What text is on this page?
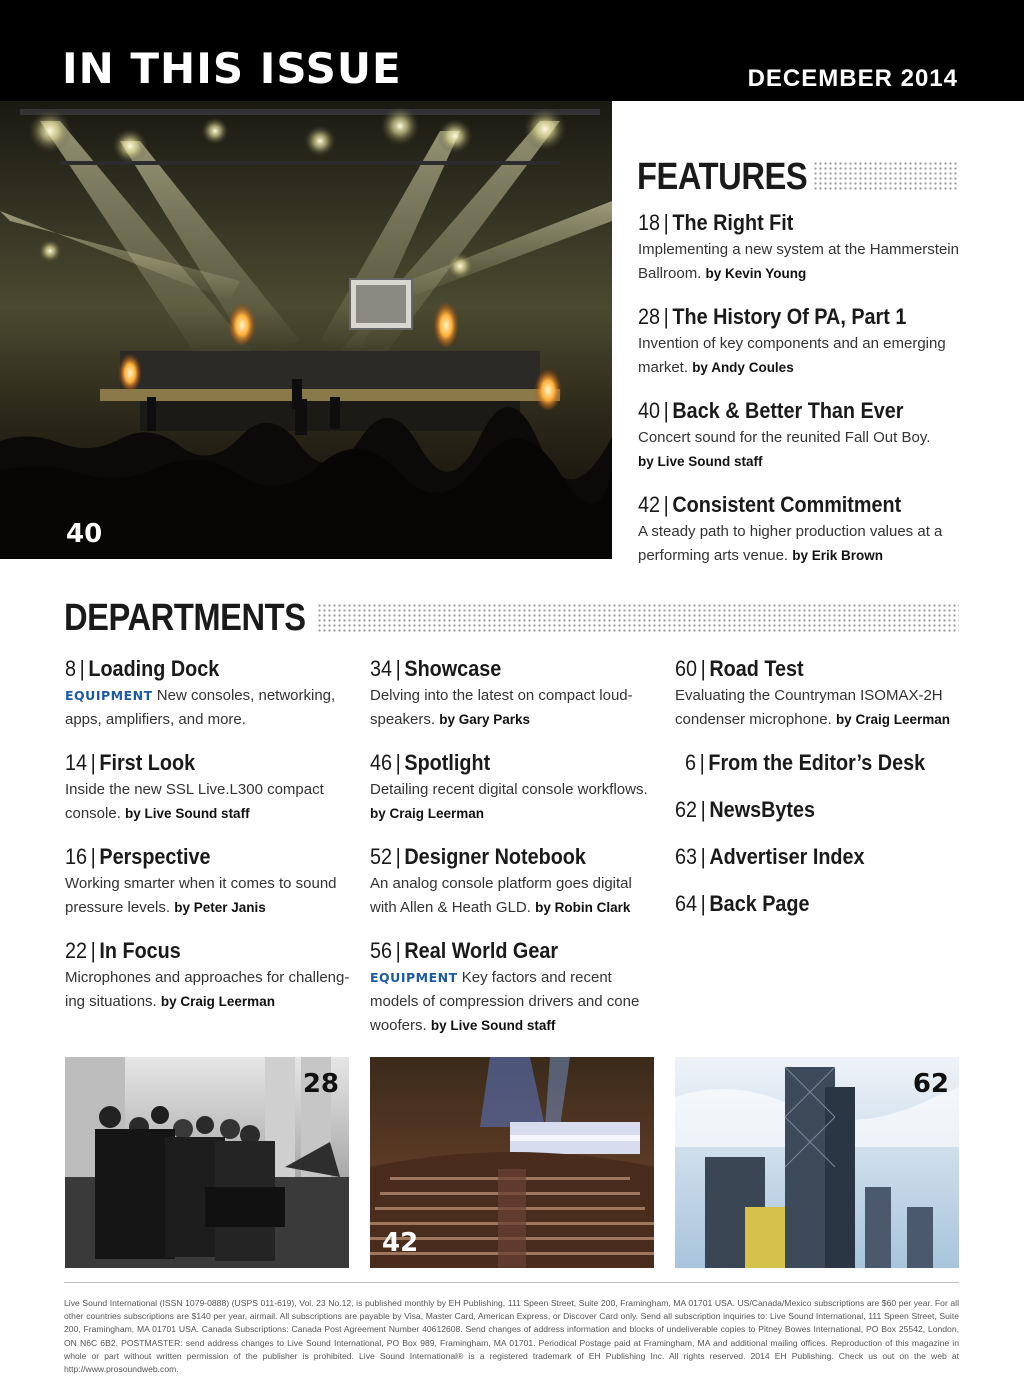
IN THIS ISSUE	DECEMBER 2014
40
FEATURES
18 | The Right Fit
Implementing a new system at the Hammerstein Ballroom. by Kevin Young
28 | The History Of PA, Part 1
Invention of key components and an emerging market. by Andy Coules
40 | Back & Better Than Ever
Concert sound for the reunited Fall Out Boy. by Live Sound staff
42 | Consistent Commitment
A steady path to higher production values at a performing arts venue. by Erik Brown
DEPARTMENTS
8 | Loading Dock
EQUIPMENT New consoles, networking, apps, amplifiers, and more.
14 | First Look
Inside the new SSL Live.L300 compact console. by Live Sound staff
16 | Perspective
Working smarter when it comes to sound pressure levels. by Peter Janis
22 | In Focus
Microphones and approaches for challeng-ing situations. by Craig Leerman
34 | Showcase
Delving into the latest on compact loud-speakers. by Gary Parks
46 | Spotlight
Detailing recent digital console workflows. by Craig Leerman
52 | Designer Notebook
An analog console platform goes digital with Allen & Heath GLD. by Robin Clark
56 | Real World Gear
EQUIPMENT Key factors and recent models of compression drivers and cone woofers. by Live Sound staff
60 | Road Test
Evaluating the Countryman ISOMAX-2H condenser microphone. by Craig Leerman
6 | From the Editor’s Desk
62 | NewsBytes
63 | Advertiser Index
64 | Back Page
28
42
62
Live Sound International (ISSN 1079-0888) (USPS 011-619), Vol. 23 No.12, is published monthly by EH Publishing, 111 Speen Street, Suite 200, Framingham, MA 01701 USA. US/Canada/Mexico subscriptions are $60 per year. For all other countries subscriptions are $140 per year, airmail. All subscriptions are payable by Visa, Master Card, American Express, or Discover Card only. Send all subscription inquiries to: Live Sound International, 111 Speen Street, Suite 200, Framingham, MA 01701 USA. Canada Subscriptions: Canada Post Agreement Number 40612608. Send changes of address information and blocks of undeliverable copies to Pitney Bowes International, PO Box 25542, London, ON N6C 6B2. POSTMASTER: send address changes to Live Sound International, PO Box 989, Framingham, MA 01701. Periodical Postage paid at Framingham, MA and additional mailing offices. Reproduction of this magazine in whole or part without written permission of the publisher is prohibited. Live Sound International® is a registered trademark of EH Publishing Inc. All rights reserved. 2014 EH Publishing. Check us out on the web at http://www.prosoundweb.com.
